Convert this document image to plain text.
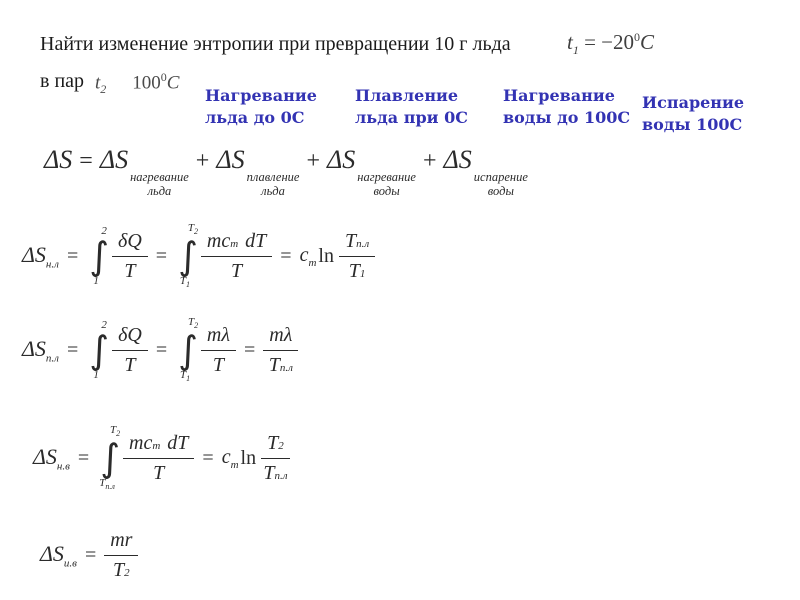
Найти изменение энтропии при превращении 10 г льда	$t_1 = -20^0C$
в пар $t_2$ $100^0C$
Нагревание
льда до 0C
Плавление
льда при 0C
Нагревание
воды до 100C
Испарение
воды 100C
ΔS = ΔS
нагревание
льда
+ ΔS
плавление
льда
+ ΔS
нагревание
воды
+ ΔS
испарение
воды
$\Delta S_{н.л}$ =
2
∫
$1 \frac{\delta Q}{T}$ =
$T_2$
∫
$T_1$
$\frac{\text{mc m dT}}{T} = c_m$ $\ln \frac{\text{T п.л}}{T 1}$
$\Delta S_{п.л}$ =
2
∫
$1 \frac{\delta Q}{T}$ =
$T_2$
∫
$T_1$
$\frac{m\lambda}{T} = \frac{m\lambda}{\text{T п.л}}$
$\Delta S_{н.в}$ =
$T_2$
∫
$T_{п.л}$
$\frac{\text{mc m dT}}{T} = c_m$ $\ln \frac{T 2}{\text{T п.л}}$
$\Delta S_{и.в} = \frac{mr}{T 2}$
